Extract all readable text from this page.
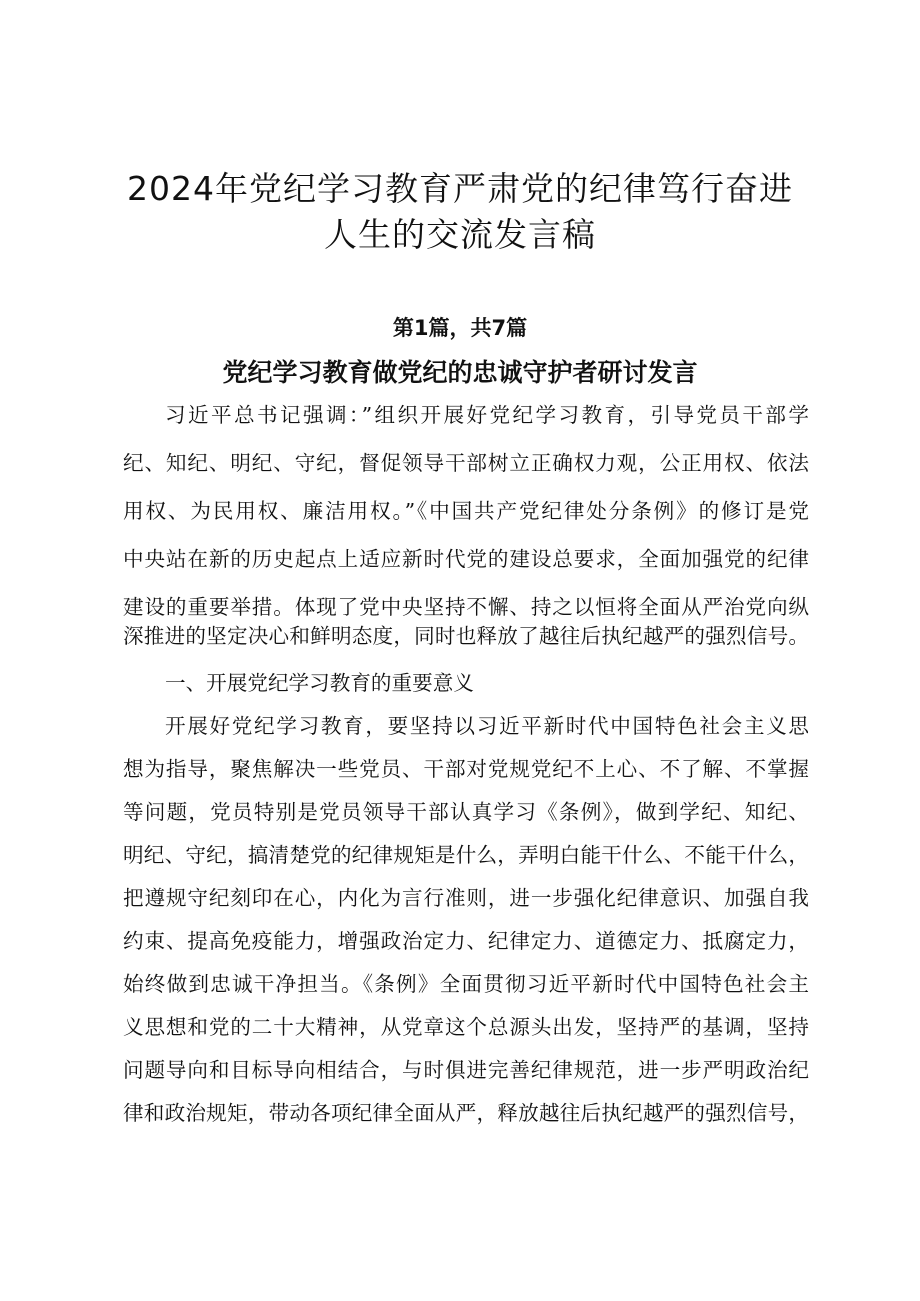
2024年党纪学习教育严肃党的纪律笃行奋进
人生的交流发言稿
第1篇，共7篇
党纪学习教育做党纪的忠诚守护者研讨发言
习近平总书记强调：”组织开展好党纪学习教育，引导党员干部学
纪、知纪、明纪、守纪，督促领导干部树立正确权力观，公正用权、依法
用权、为民用权、廉洁用权。”《中国共产党纪律处分条例》的修订是党
中央站在新的历史起点上适应新时代党的建设总要求，全面加强党的纪律
建设的重要举措。体现了党中央坚持不懈、持之以恒将全面从严治党向纵
深推进的坚定决心和鲜明态度，同时也释放了越往后执纪越严的强烈信号。
一、开展党纪学习教育的重要意义
开展好党纪学习教育，要坚持以习近平新时代中国特色社会主义思
想为指导，聚焦解决一些党员、干部对党规党纪不上心、不了解、不掌握
等问题，党员特别是党员领导干部认真学习《条例》，做到学纪、知纪、
明纪、守纪，搞清楚党的纪律规矩是什么，弄明白能干什么、不能干什么，
把遵规守纪刻印在心，内化为言行准则，进一步强化纪律意识、加强自我
约束、提高免疫能力，增强政治定力、纪律定力、道德定力、抵腐定力，
始终做到忠诚干净担当。《条例》全面贯彻习近平新时代中国特色社会主
义思想和党的二十大精神，从党章这个总源头出发，坚持严的基调，坚持
问题导向和目标导向相结合，与时俱进完善纪律规范，进一步严明政治纪
律和政治规矩，带动各项纪律全面从严，释放越往后执纪越严的强烈信号，
